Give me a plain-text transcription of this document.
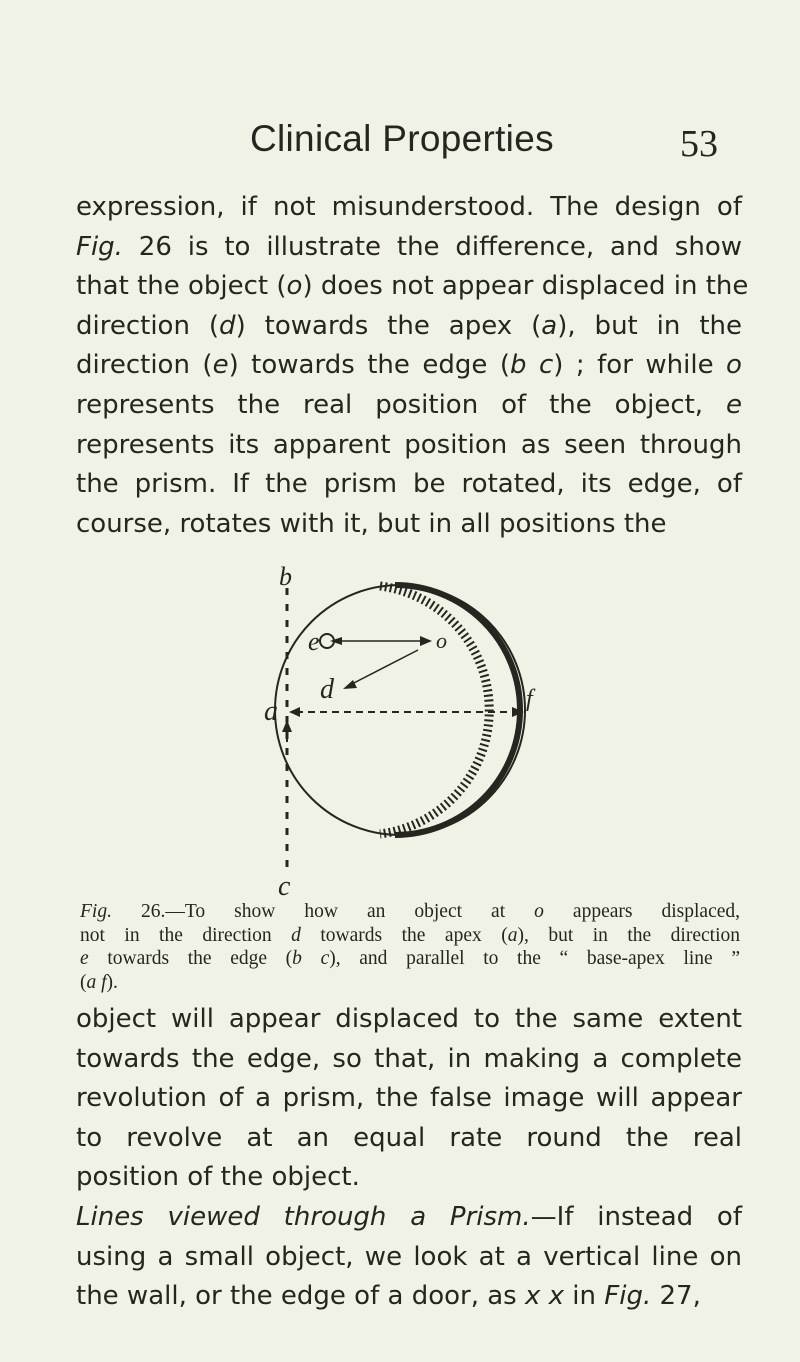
Clinical Properties	53
expression, if not misunderstood. The design of
Fig. 26 is to illustrate the difference, and show
that the object (o) does not appear displaced in the
direction (d) towards the apex (a), but in the
direction (e) towards the edge (b c) ; for while o
represents the real position of the object, e
represents its apparent position as seen through
the prism. If the prism be rotated, its edge, of
course, rotates with it, but in all positions the
b
c
a	f
e	o
d
Fig. 26.—To show how an object at o appears displaced,
not in the direction d towards the apex (a), but in the direction
e towards the edge (b c), and parallel to the “ base-apex line ”
(a f).
object will appear displaced to the same extent
towards the edge, so that, in making a complete
revolution of a prism, the false image will appear
to revolve at an equal rate round the real
position of the object.
Lines viewed through a Prism.—If instead of
using a small object, we look at a vertical line on
the wall, or the edge of a door, as x x in Fig. 27,
